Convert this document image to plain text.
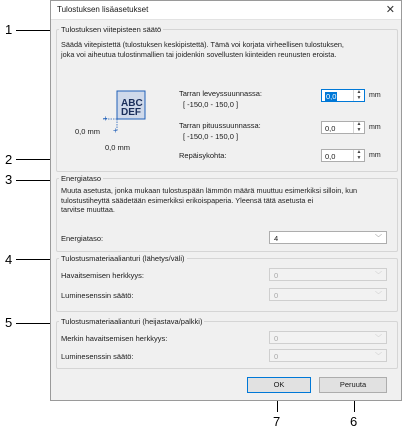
1
2
3
4
5
7	6
Tulostuksen lisäasetukset	✕
Tulostuksen viitepisteen säätö
Säädä viitepistettä (tulostuksen keskipistettä). Tämä voi korjata virheellisen tulostuksen,
joka voi aiheutua tulostinmallien tai joidenkin sovellusten kiinteiden reunusten eroista.
+
+
ABC
DEF
0,0 mm
0,0 mm
Tarran leveyssuunnassa:
[ -150,0 - 150,0 ]
0,0	▲
▼	mm
Tarran pituussuunnassa:
[ -150,0 - 150,0 ]
0,0	▲
▼	mm
Repäisykohta:	0,0	▲
▼	mm
Energiataso
Muuta asetusta, jonka mukaan tulostuspään lämmön määrä muuttuu esimerkiksi silloin, kun
tulostustiheyttä säädetään esimerkiksi erikoispaperia. Yleensä tätä asetusta ei
tarvitse muuttaa.
Energiataso:	4	﹀
Tulostusmateriaalianturi (lähetys/väli)
Havaitsemisen herkkyys:	0	﹀
Luminesenssin säätö:	0	﹀
Tulostusmateriaalianturi (heijastava/palkki)
Merkin havaitsemisen herkkyys:	0	﹀
Luminesenssin säätö:	0	﹀
OK	Peruuta
